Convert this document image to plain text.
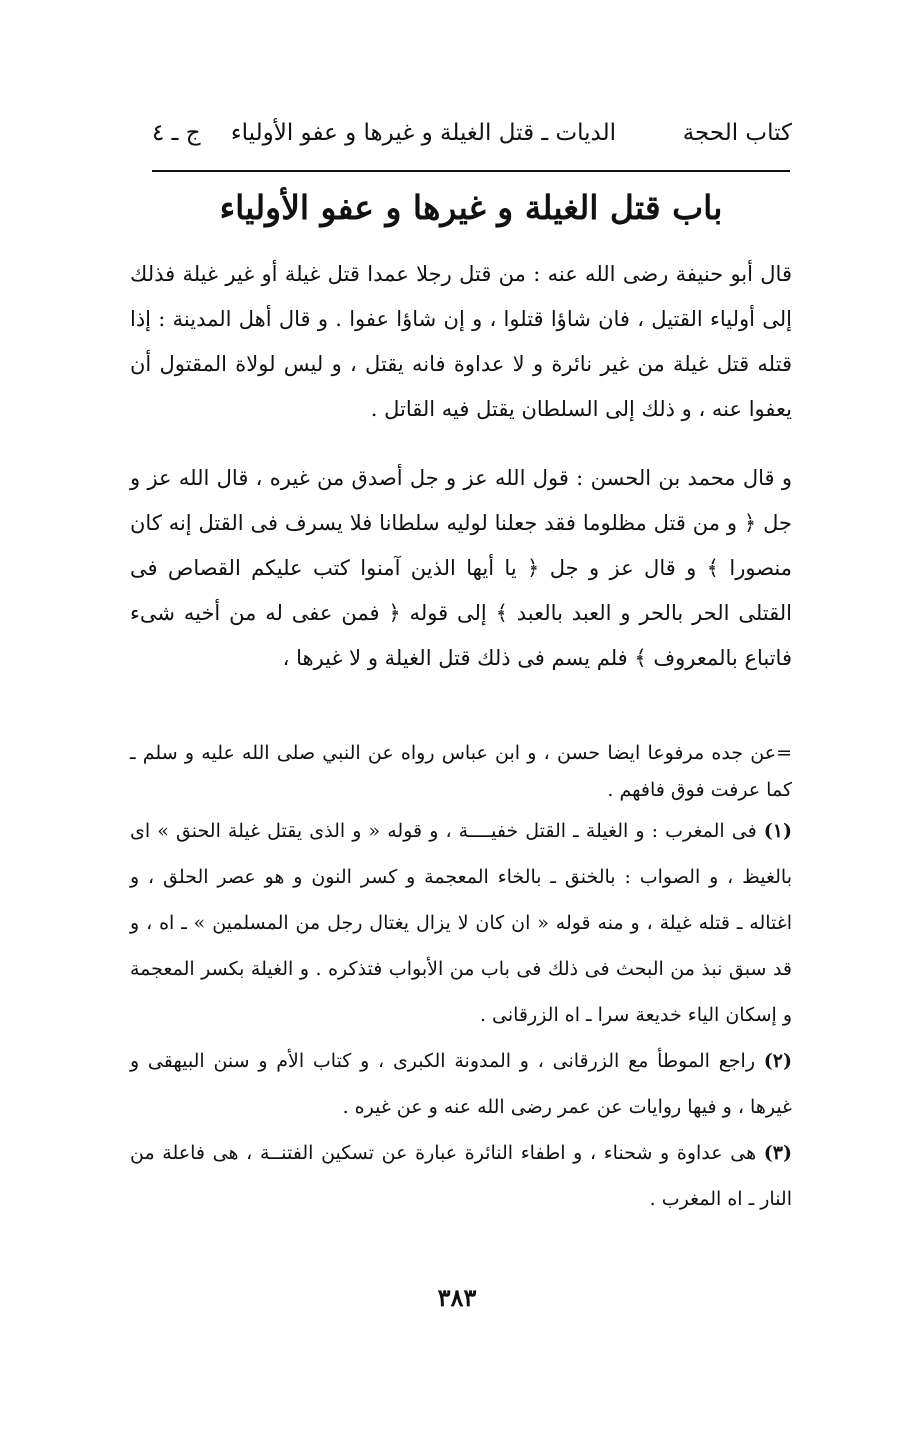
كتاب الحجة
الديات ـ قتل الغيلة و غيرها و عفو الأولياء
ج ـ ٤
باب قتل الغيلة و غيرها و عفو الأولياء
قال أبو حنيفة رضى الله عنه : من قتل رجلا عمدا قتل غيلة أو غير غيلة فذلك إلى أولياء القتيل ، فان شاؤا قتلوا ، و إن شاؤا عفوا . و قال أهل المدينة : إذا قتله قتل غيلة من غير نائرة و لا عداوة فانه يقتل ، و ليس لولاة المقتول أن يعفوا عنه ، و ذلك إلى السلطان يقتل فيه القاتل .
و قال محمد بن الحسن : قول الله عز و جل أصدق من غيره ، قال الله عز و جل ﴿ و من قتل مظلوما فقد جعلنا لوليه سلطانا فلا يسرف فى القتل إنه كان منصورا ﴾ و قال عز و جل ﴿ يا أيها الذين آمنوا كتب عليكم القصاص فى القتلى الحر بالحر و العبد بالعبد ﴾ إلى قوله ﴿ فمن عفى له من أخيه شىء فاتباع بالمعروف ﴾ فلم يسم فى ذلك قتل الغيلة و لا غيرها ،
=عن جده مرفوعا ايضا حسن ، و ابن عباس رواه عن النبي صلى الله عليه و سلم ـ كما عرفت فوق فافهم .

(١) فى المغرب : و الغيلة ـ القتل خفيــــة ، و قوله « و الذى يقتل غيلة الحنق » اى بالغيظ ، و الصواب : بالخنق ـ بالخاء المعجمة و كسر النون و هو عصر الحلق ، و اغتاله ـ قتله غيلة ، و منه قوله « ان كان لا يزال يغتال رجل من المسلمين » ـ اه ، و قد سبق نبذ من البحث فى ذلك فى باب من الأبواب فتذكره . و الغيلة بكسر المعجمة و إسكان الياء خديعة سرا ـ اه الزرقانى .

(٢) راجع الموطأ مع الزرقانى ، و المدونة الكبرى ، و كتاب الأم و سنن البيهقى و غيرها ، و فيها روايات عن عمر رضى الله عنه و عن غيره .

(٣) هى عداوة و شحناء ، و اطفاء النائرة عبارة عن تسكين الفتنــة ، هى فاعلة من النار ـ اه المغرب .

٣٨٣
